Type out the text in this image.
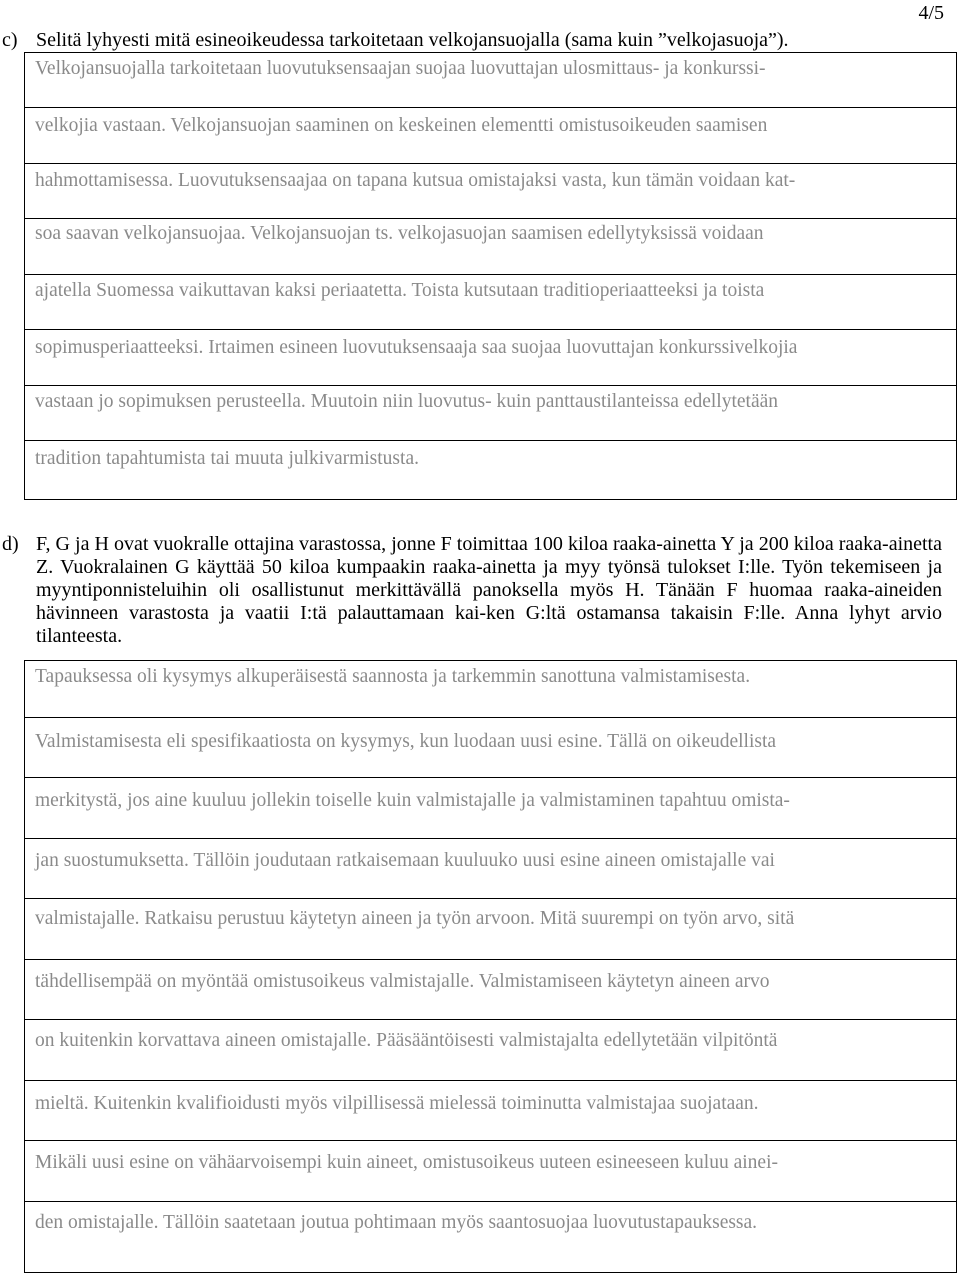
4/5
c) Selitä lyhyesti mitä esineoikeudessa tarkoitetaan velkojansuojalla (sama kuin ”velkojasuoja”).
Velkojansuojalla tarkoitetaan luovutuksensaajan suojaa luovuttajan ulosmittaus- ja konkurssi-
velkojia vastaan. Velkojansuojan saaminen on keskeinen elementti omistusoikeuden saamisen
hahmottamisessa. Luovutuksensaajaa on tapana kutsua omistajaksi vasta, kun tämän voidaan kat-
soa saavan velkojansuojaa. Velkojansuojan ts. velkojasuojan saamisen edellytyksissä voidaan
ajatella Suomessa vaikuttavan kaksi periaatetta. Toista kutsutaan traditioperiaatteeksi ja toista
sopimusperiaatteeksi. Irtaimen esineen luovutuksensaaja saa suojaa luovuttajan konkurssivelkojia
vastaan jo sopimuksen perusteella. Muutoin niin luovutus- kuin panttaustilanteissa edellytetään
tradition tapahtumista tai muuta julkivarmistusta.
d) F, G ja H ovat vuokralle ottajina varastossa, jonne F toimittaa 100 kiloa raaka-ainetta Y ja 200 kiloa raaka-ainetta Z. Vuokralainen G käyttää 50 kiloa kumpaakin raaka-ainetta ja myy työnsä tulokset I:lle. Työn tekemiseen ja myyntiponnisteluihin oli osallistunut merkittävällä panoksella myös H. Tänään F huomaa raaka-aineiden hävinneen varastosta ja vaatii I:tä palauttamaan kai-ken G:ltä ostamansa takaisin F:lle. Anna lyhyt arvio tilanteesta.
Tapauksessa oli kysymys alkuperäisestä saannosta ja tarkemmin sanottuna valmistamisesta.
Valmistamisesta eli spesifikaatiosta on kysymys, kun luodaan uusi esine. Tällä on oikeudellista
merkitystä, jos aine kuuluu jollekin toiselle kuin valmistajalle ja valmistaminen tapahtuu omista-
jan suostumuksetta. Tällöin joudutaan ratkaisemaan kuuluuko uusi esine aineen omistajalle vai
valmistajalle. Ratkaisu perustuu käytetyn aineen ja työn arvoon. Mitä suurempi on työn arvo, sitä
tähdellisempää on myöntää omistusoikeus valmistajalle. Valmistamiseen käytetyn aineen arvo
on kuitenkin korvattava aineen omistajalle. Pääsääntöisesti valmistajalta edellytetään vilpitöntä
mieltä. Kuitenkin kvalifioidusti myös vilpillisessä mielessä toiminutta valmistajaa suojataan.
Mikäli uusi esine on vähäarvoisempi kuin aineet, omistusoikeus uuteen esineeseen kuluu ainei-
den omistajalle. Tällöin saatetaan joutua pohtimaan myös saantosuojaa luovutustapauksessa.
